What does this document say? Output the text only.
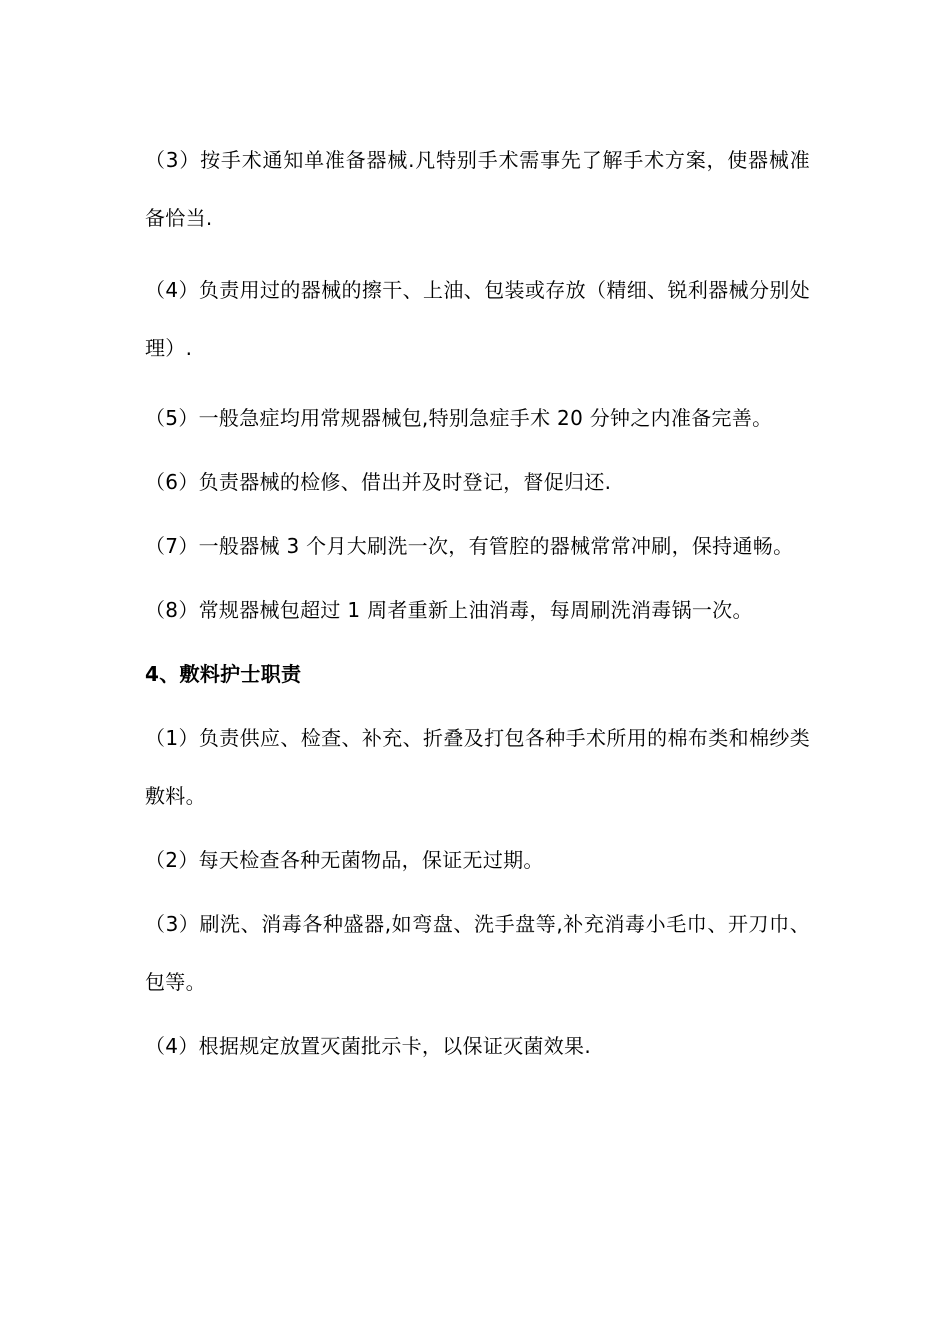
（3）按手术通知单准备器械.凡特别手术需事先了解手术方案，使器械准备恰当.

（4）负责用过的器械的擦干、上油、包装或存放（精细、锐利器械分别处理）.

（5）一般急症均用常规器械包,特别急症手术 20 分钟之内准备完善。

（6）负责器械的检修、借出并及时登记，督促归还.

（7）一般器械 3 个月大刷洗一次，有管腔的器械常常冲刷，保持通畅。

（8）常规器械包超过 1 周者重新上油消毒，每周刷洗消毒锅一次。

4、敷料护士职责

（1）负责供应、检查、补充、折叠及打包各种手术所用的棉布类和棉纱类敷料。

（2）每天检查各种无菌物品，保证无过期。

（3）刷洗、消毒各种盛器,如弯盘、洗手盘等,补充消毒小毛巾、开刀巾、包等。

（4）根据规定放置灭菌批示卡，以保证灭菌效果.
